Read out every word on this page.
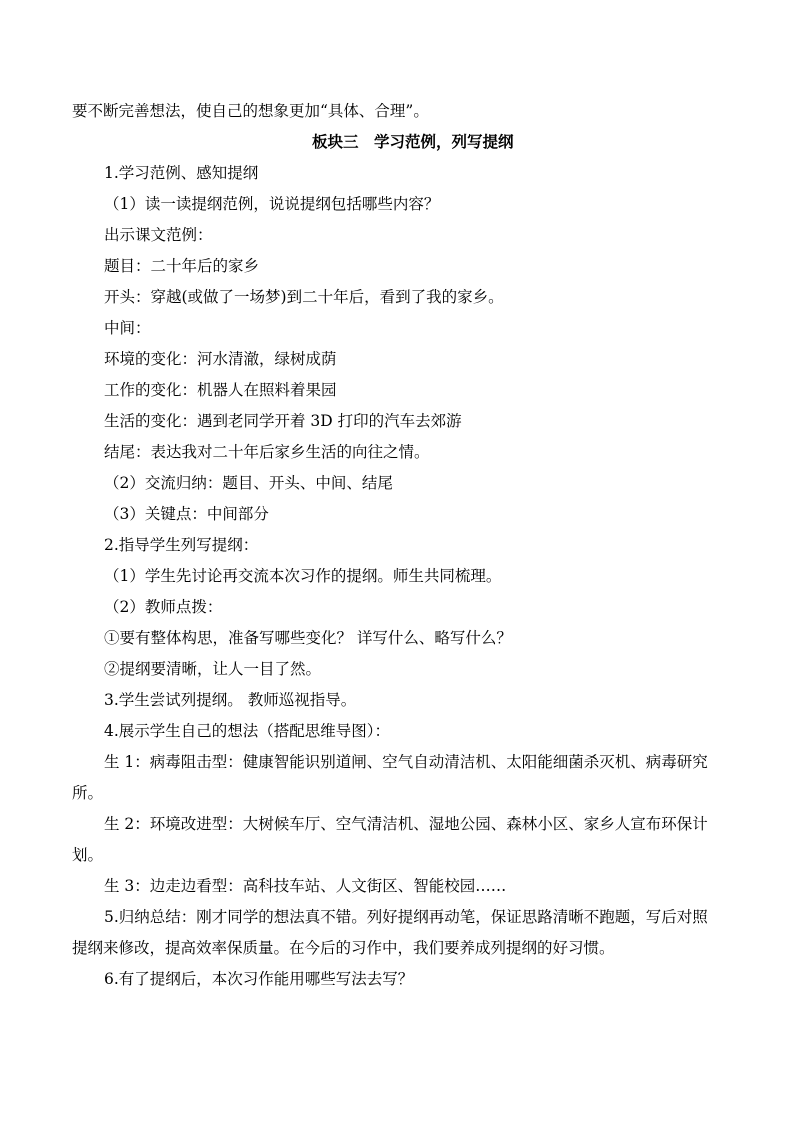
要不断完善想法，使自己的想象更加“具体、合理”。
板块三　学习范例，列写提纲
1.学习范例、感知提纲
（1）读一读提纲范例，说说提纲包括哪些内容？
出示课文范例：
题目：二十年后的家乡
开头：穿越(或做了一场梦)到二十年后，看到了我的家乡。
中间：
环境的变化：河水清澈，绿树成荫
工作的变化：机器人在照料着果园
生活的变化：遇到老同学开着 3D 打印的汽车去郊游
结尾：表达我对二十年后家乡生活的向往之情。
（2）交流归纳：题目、开头、中间、结尾
（3）关键点：中间部分
2.指导学生列写提纲：
（1）学生先讨论再交流本次习作的提纲。师生共同梳理。
（2）教师点拨：
①要有整体构思，准备写哪些变化？ 详写什么、略写什么？
②提纲要清晰，让人一目了然。
3.学生尝试列提纲。 教师巡视指导。
4.展示学生自己的想法（搭配思维导图）：
生 1：病毒阻击型：健康智能识别道闸、空气自动清洁机、太阳能细菌杀灭机、病毒研究
所。
生 2：环境改进型：大树候车厅、空气清洁机、湿地公园、森林小区、家乡人宣布环保计
划。
生 3：边走边看型：高科技车站、人文街区、智能校园……
5.归纳总结：刚才同学的想法真不错。列好提纲再动笔，保证思路清晰不跑题，写后对照
提纲来修改，提高效率保质量。在今后的习作中，我们要养成列提纲的好习惯。
6.有了提纲后，本次习作能用哪些写法去写？
